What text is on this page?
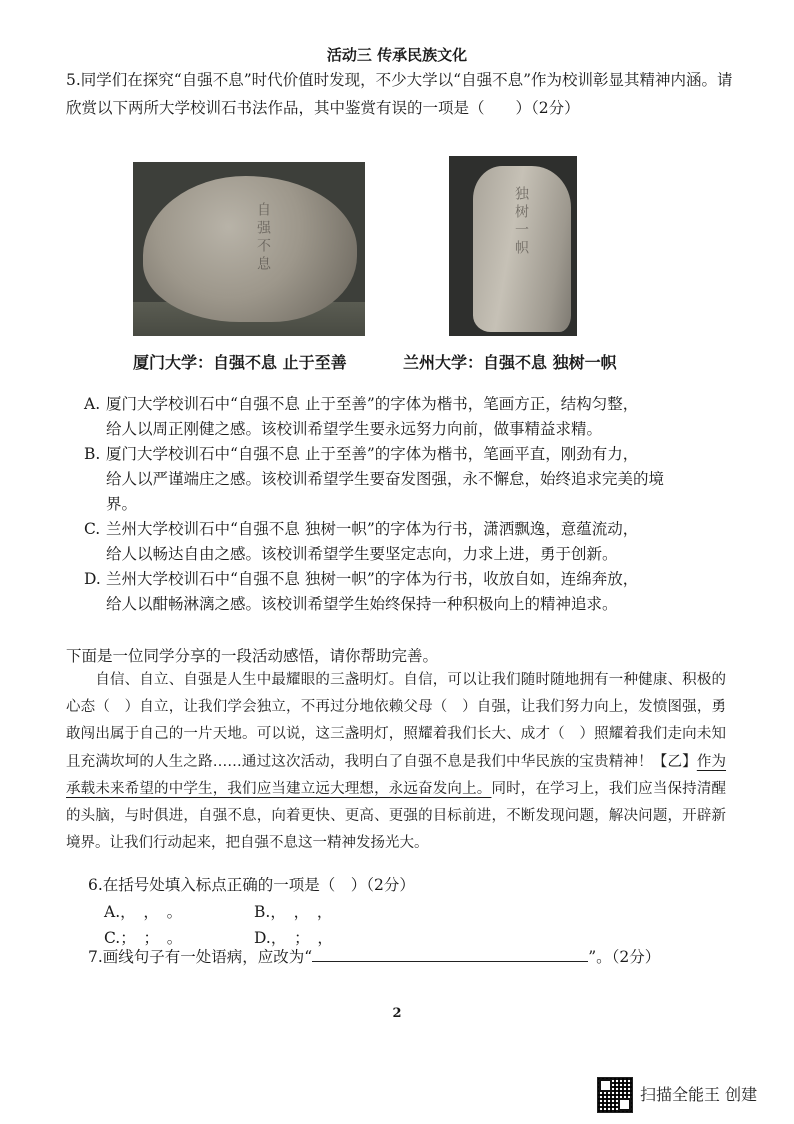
活动三 传承民族文化
5.同学们在探究“自强不息”时代价值时发现，不少大学以“自强不息”作为校训彰显其精神内涵。请欣赏以下两所大学校训石书法作品，其中鉴赏有误的一项是（　　）（2分）
自强不息	独树一帜
厦门大学：自强不息 止于至善	兰州大学：自强不息 独树一帜
A. 厦门大学校训石中“自强不息 止于至善”的字体为楷书，笔画方正，结构匀整，
给人以周正刚健之感。该校训希望学生要永远努力向前，做事精益求精。
B. 厦门大学校训石中“自强不息 止于至善”的字体为楷书，笔画平直，刚劲有力，
给人以严谨端庄之感。该校训希望学生要奋发图强，永不懈怠，始终追求完美的境
界。
C. 兰州大学校训石中“自强不息 独树一帜”的字体为行书，潇洒飘逸，意蕴流动，
给人以畅达自由之感。该校训希望学生要坚定志向，力求上进，勇于创新。
D. 兰州大学校训石中“自强不息 独树一帜”的字体为行书，收放自如，连绵奔放，
给人以酣畅淋漓之感。该校训希望学生始终保持一种积极向上的精神追求。
下面是一位同学分享的一段活动感悟，请你帮助完善。
　　自信、自立、自强是人生中最耀眼的三盏明灯。自信，可以让我们随时随地拥有一种健康、积极的心态（　）自立，让我们学会独立，不再过分地依赖父母（　）自强，让我们努力向上，发愤图强，勇敢闯出属于自己的一片天地。可以说，这三盏明灯，照耀着我们长大、成才（　）照耀着我们走向未知且充满坎坷的人生之路……通过这次活动，我明白了自强不息是我们中华民族的宝贵精神！【乙】作为承载未来希望的中学生，我们应当建立远大理想，永远奋发向上。同时，在学习上，我们应当保持清醒的头脑，与时俱进，自强不息，向着更快、更高、更强的目标前进，不断发现问题，解决问题，开辟新境界。让我们行动起来，把自强不息这一精神发扬光大。
6.在括号处填入标点正确的一项是（　）（2分）
A.，　，　。	B.，　，　，
C.；　；　。	D.，　；　，
7.画线句子有一处语病，应改为“	”。（2分）
2
扫描全能王 创建
